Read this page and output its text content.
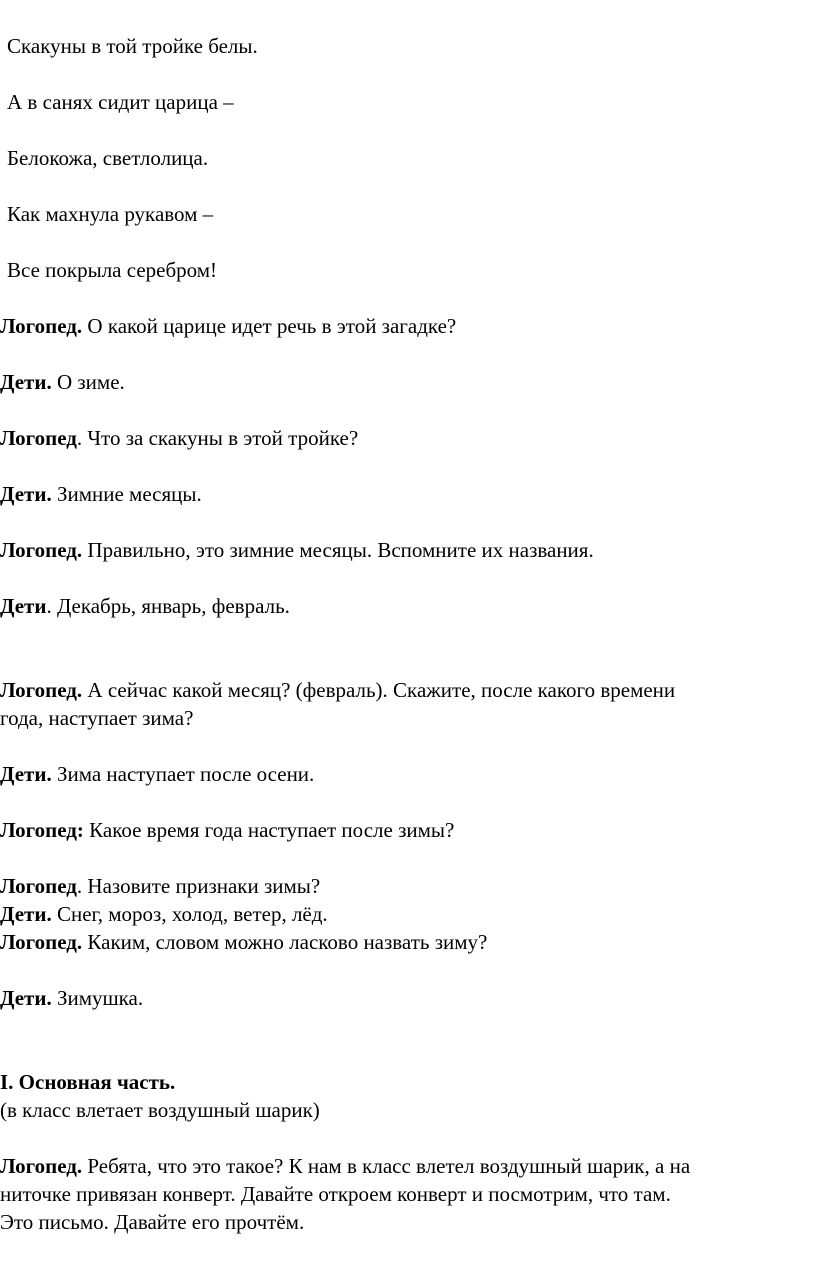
Скакуны в той тройке белы.
А в санях сидит царица –
Белокожа, светлолица.
Как махнула рукавом –
Все покрыла серебром!
Логопед. О какой царице идет речь в этой загадке?
Дети. О зиме.
Логопед. Что за скакуны в этой тройке?
Дети. Зимние месяцы.
Логопед. Правильно, это зимние месяцы. Вспомните их названия.
Дети. Декабрь, январь, февраль.
Логопед. А сейчас какой месяц? (февраль). Скажите, после какого времени
года, наступает зима?
Дети. Зима наступает после осени.
Логопед: Какое время года наступает после зимы?
Логопед. Назовите признаки зимы?
Дети. Снег, мороз, холод, ветер, лёд.
Логопед. Каким, словом можно ласково назвать зиму?
Дети. Зимушка.
I. Основная часть.
(в класс влетает воздушный шарик)
Логопед. Ребята, что это такое? К нам в класс влетел воздушный шарик, а на
ниточке привязан конверт. Давайте откроем конверт и посмотрим, что там.
Это письмо. Давайте его прочтём.
